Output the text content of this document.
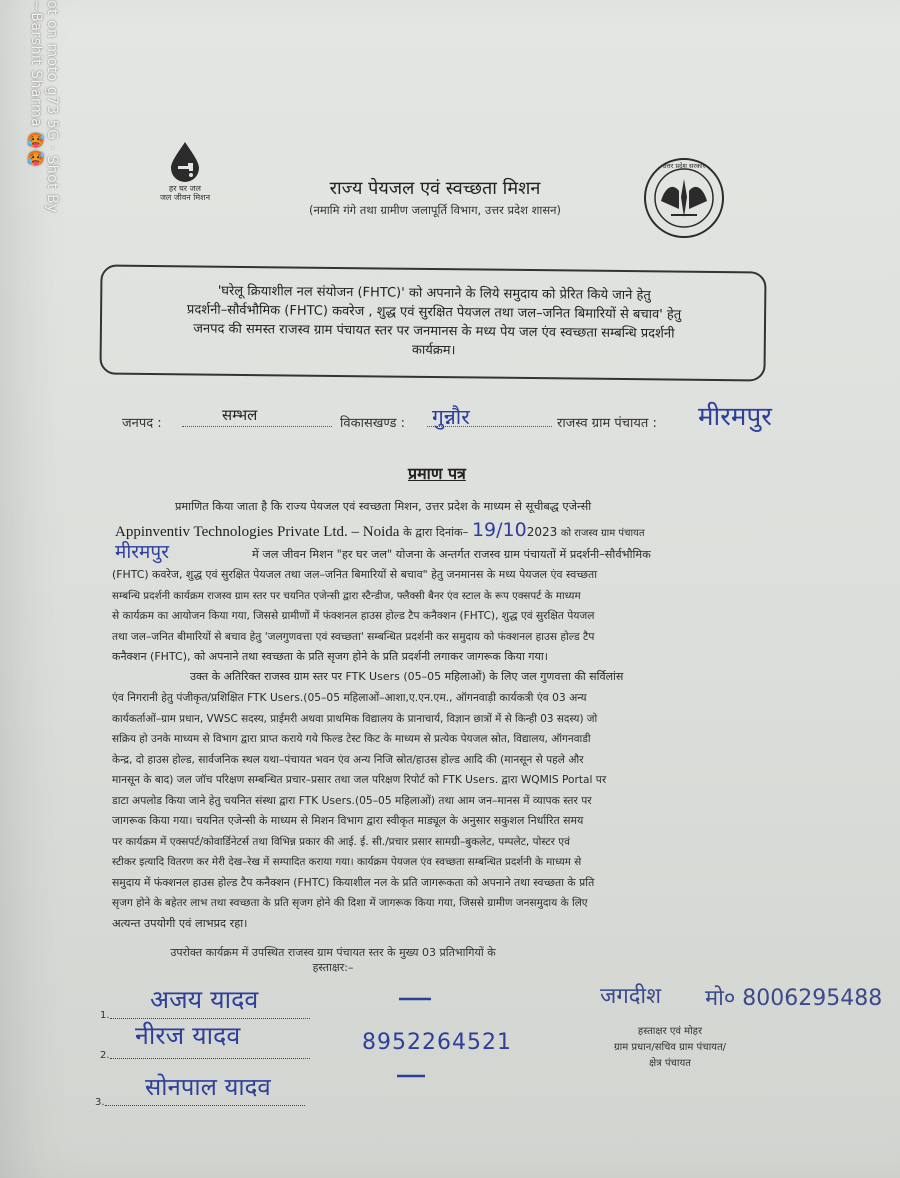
ot on moto g73 5G · Shot By ~Barshit Sharma 🥵🥵
हर घर जल
जल जीवन मिशन	राज्य पेयजल एवं स्वच्छता मिशन
(नमामि गंगे तथा ग्रामीण जलापूर्ति विभाग, उत्तर प्रदेश शासन)
उत्तर प्रदेश सरकार
'घरेलू क्रियाशील नल संयोजन (FHTC)' को अपनाने के लिये समुदाय को प्रेरित किये जाने हेतु
प्रदर्शनी–सौर्वभौमिक (FHTC) कवरेज , शुद्ध एवं सुरक्षित पेयजल तथा जल–जनित बिमारियों से बचाव' हेतु
जनपद की समस्त राजस्व ग्राम पंचायत स्तर पर जनमानस के मध्य पेय जल एंव स्वच्छता सम्बन्धि प्रदर्शनी
कार्यक्रम।
जनपद :	सम्भल	विकासखण्ड : गुन्नौर	राजस्व ग्राम पंचायत : मीरमपुर
प्रमाण पत्र
प्रमाणित किया जाता है कि राज्य पेयजल एवं स्वच्छता मिशन, उत्तर प्रदेश के माध्यम से सूचीबद्ध एजेन्सी
Appinventiv Technologies Private Ltd. – Noida के द्वारा दिनांक– 19/102023 को राजस्व ग्राम पंचायत
मीरमपुर	में जल जीवन मिशन "हर घर जल" योजना के अन्तर्गत राजस्व ग्राम पंचायतों में प्रदर्शनी–सौर्वभौमिक
(FHTC) कवरेज, शुद्ध एवं सुरक्षित पेयजल तथा जल–जनित बिमारियों से बचाव" हेतु जनमानस के मध्य पेयजल एंव स्वच्छता
सम्बन्धि प्रदर्शनी कार्यक्रम राजस्व ग्राम स्तर पर चयनित एजेन्सी द्वारा स्टैन्डीज, फ्लैक्सी बैनर एंव स्टाल के रूप एक्सपर्ट के माध्यम
से कार्यक्रम का आयोजन किया गया, जिससे ग्रामीणों में फंक्शनल हाउस होल्ड टैप कनैक्शन (FHTC), शुद्ध एवं सुरक्षित पेयजल
तथा जल–जनित बीमारियों से बचाव हेतु 'जलगुणवत्ता एवं स्वच्छता' सम्बन्धित प्रदर्शनी कर समुदाय को फंक्शनल हाउस होल्ड टैप
कनैक्शन (FHTC), को अपनाने तथा स्वच्छता के प्रति सृजग होने के प्रति प्रदर्शनी लगाकर जागरूक किया गया।
उक्त के अतिरिक्त राजस्व ग्राम स्तर पर FTK Users (05–05 महिलाओं) के लिए जल गुणवत्ता की सर्विलांस
एंव निगरानी हेतु पंजीकृत/प्रशिक्षित FTK Users.(05–05 महिलाओं–आशा,ए.एन.एम., ऑगनवाड़ी कार्यकत्री एंव 03 अन्य
कार्यकर्ताओं–ग्राम प्रधान, VWSC सदस्य, प्राईमरी अथवा प्राथमिक विद्यालय के प्रानाचार्य, विज्ञान छात्रों में से किन्ही 03 सदस्य) जो
सक्रिय हो उनके माध्यम से विभाग द्वारा प्राप्त कराये गये फिल्ड टेस्ट किट के माध्यम से प्रत्येक पेयजल स्रोत, विद्यालय, ऑगनवाडी
केन्द्र, दो हाउस होल्ड, सार्वजनिक स्थल यथा–पंचायत भवन एंव अन्य निजि स्रोत/हाउस होल्ड आदि की (मानसून से पहले और
मानसून के बाद) जल जॉच परिक्षण सम्बन्धित प्रचार–प्रसार तथा जल परिक्षण रिपोर्ट को FTK Users. द्वारा WQMIS Portal पर
डाटा अपलोड किया जाने हेतु चयनित संस्था द्वारा FTK Users.(05–05 महिलाओं) तथा आम जन–मानस में व्यापक स्तर पर
जागरूक किया गया। चयनित एजेन्सी के माध्यम से मिशन विभाग द्वारा स्वीकृत माड्यूल के अनुसार सकुशल निर्धारित समय
पर कार्यक्रम में एक्सपर्ट/कोवार्डिनेटर्स तथा विभिन्न प्रकार की आई. ई. सी./प्रचार प्रसार सामग्री–बुकलेट, पम्पलेट, पोस्टर एवं
स्टीकर इत्यादि वितरण कर मेरी देख–रेख में सम्पादित कराया गया। कार्यक्रम पेयजल एंव स्वच्छता सम्बन्धित प्रदर्शनी के माध्यम से
समुदाय में फंक्शनल हाउस होल्ड टैप कनैक्शन (FHTC) कियाशील नल के प्रति जागरूकता को अपनाने तथा स्वच्छता के प्रति
सृजग होने के बहेतर लाभ तथा स्वच्छता के प्रति सृजग होने की दिशा में जागरूक किया गया, जिससे ग्रामीण जनसमुदाय के लिए
अत्यन्त उपयोगी एवं लाभप्रद रहा।
उपरोक्त कार्यक्रम में उपस्थित राजस्व ग्राम पंचायत स्तर के मुख्य 03 प्रतिभागियों के
हस्ताक्षर:–
1.
अजय यादव
2.
नीरज यादव	8952264521
3.
सोनपाल यादव
जगदीश मो० 8006295488
हस्ताक्षर एवं मोहर
ग्राम प्रधान/सचिव ग्राम पंचायत/
क्षेत्र पंचायत
